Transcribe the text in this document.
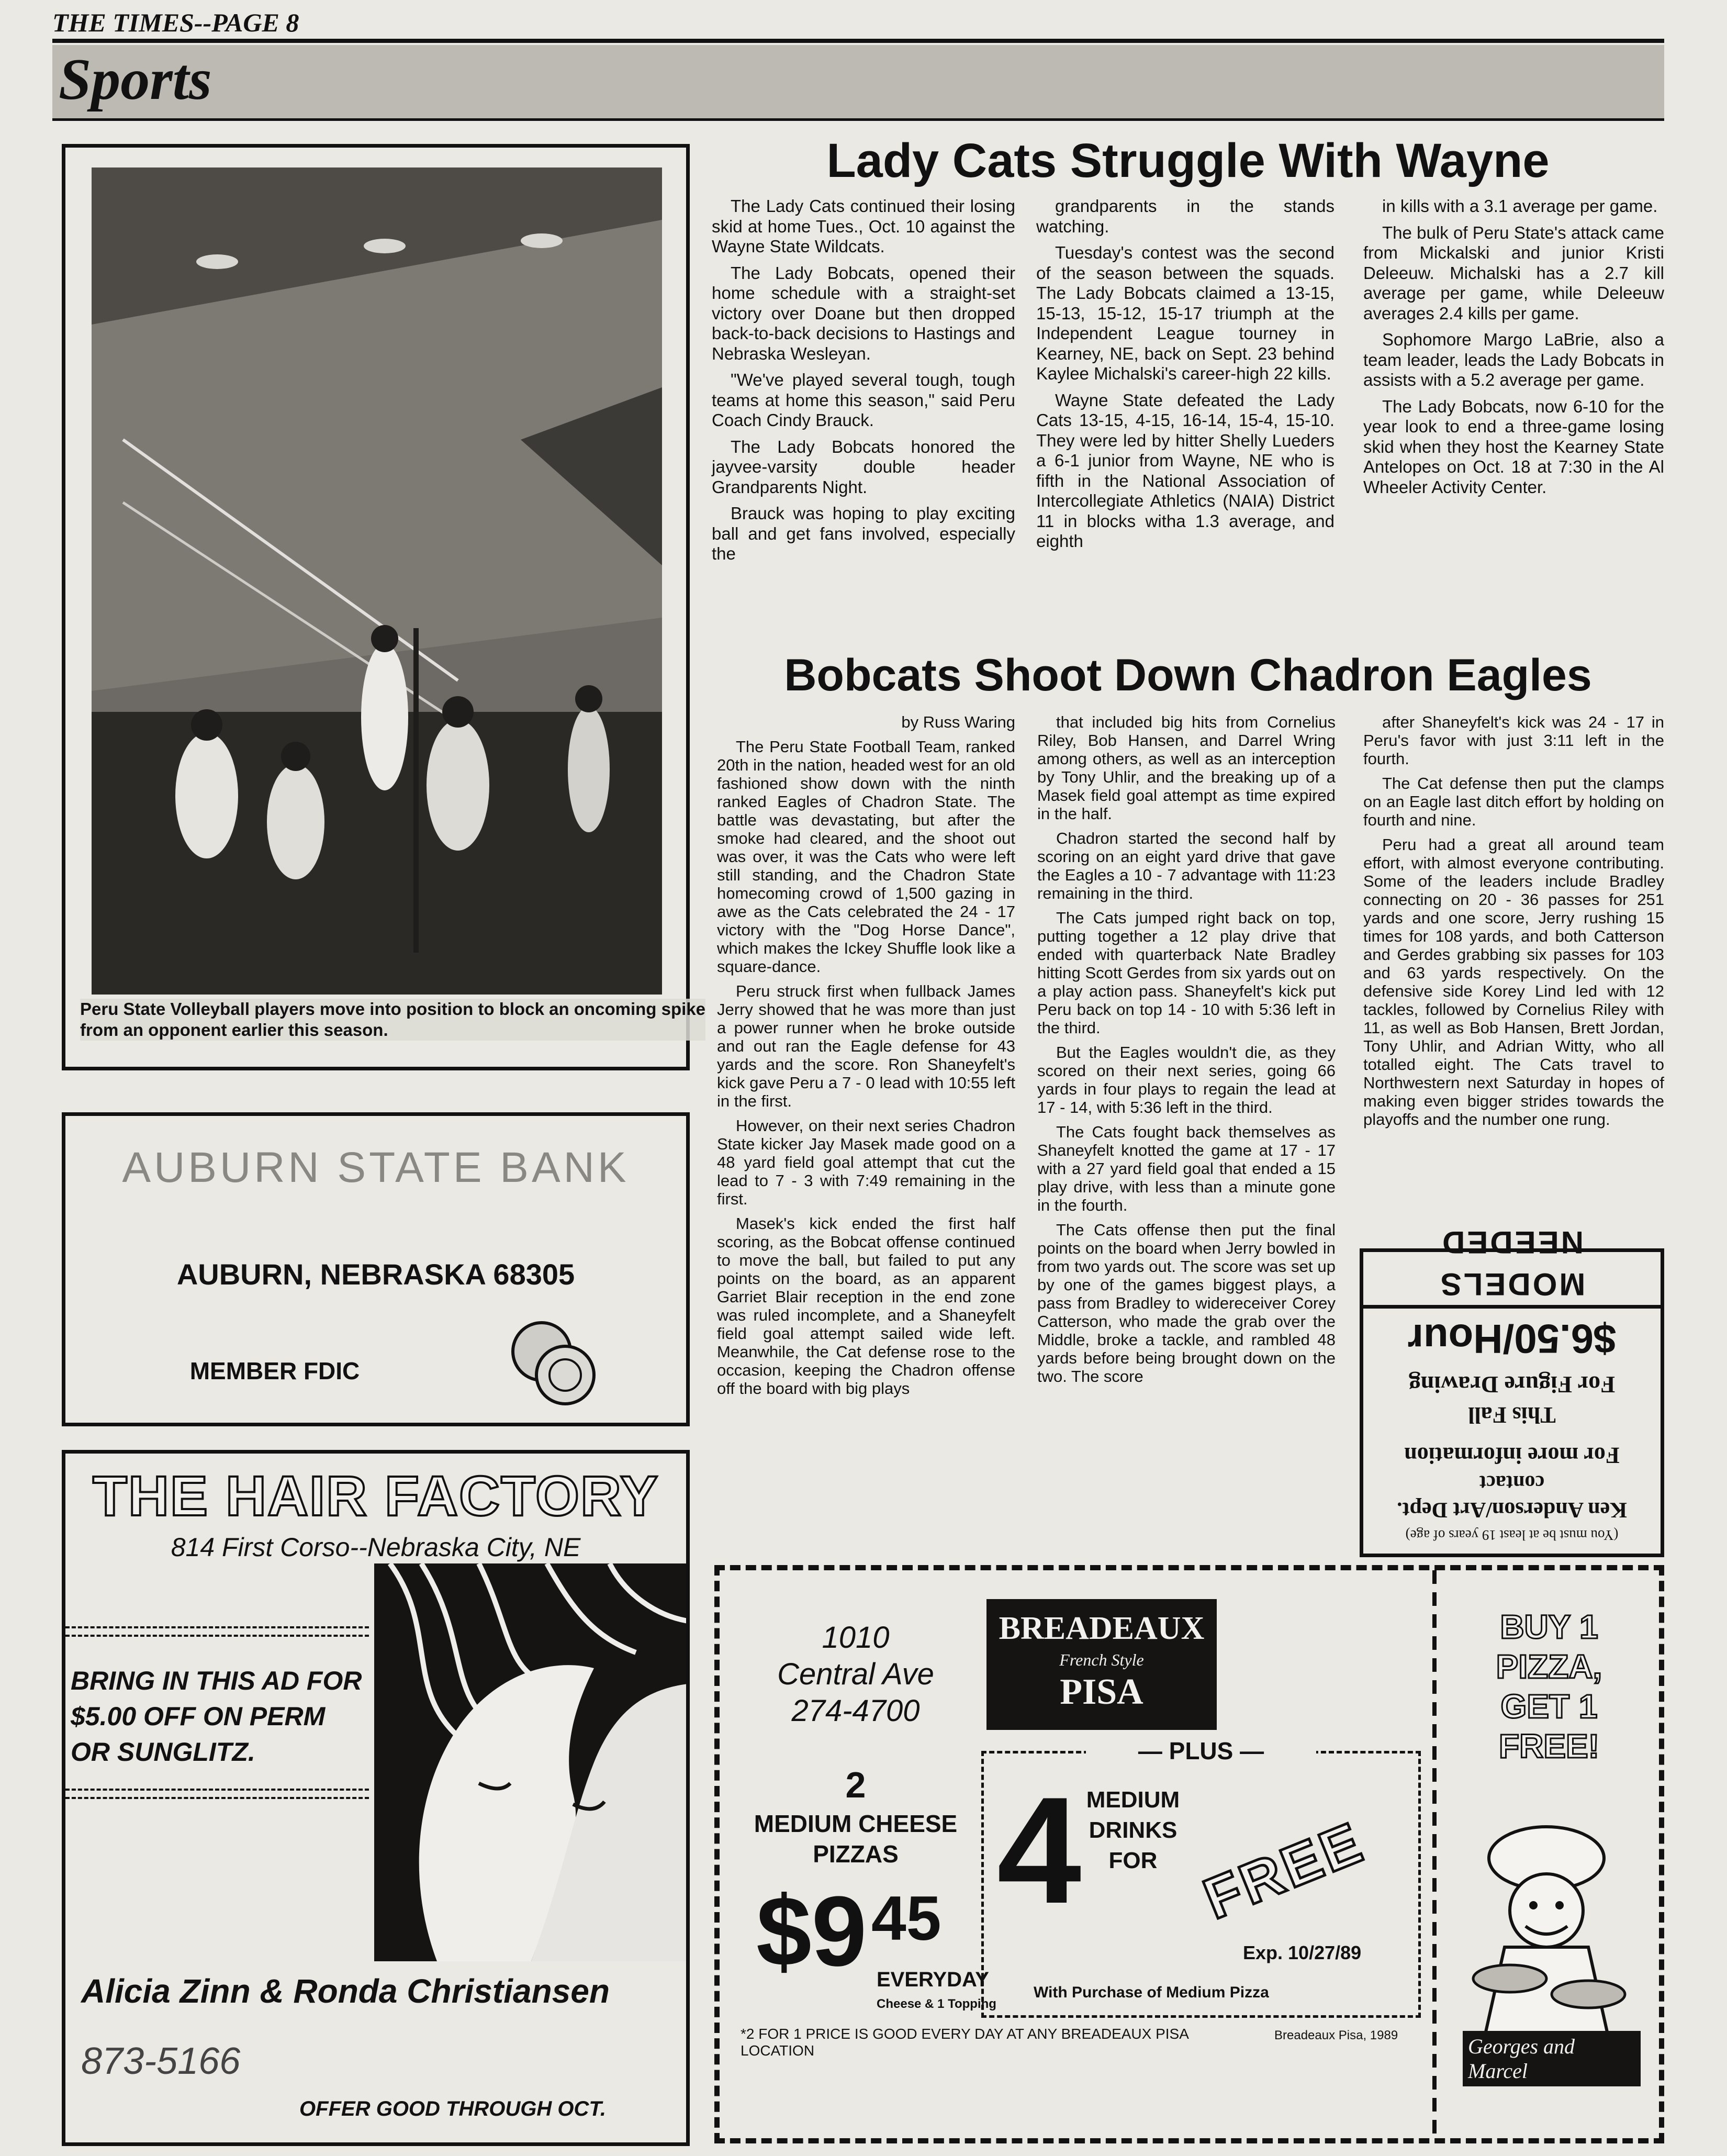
THE TIMES--PAGE 8
Sports
Peru State Volleyball players move into position to block an oncoming spike from an opponent earlier this season.
Lady Cats Struggle With Wayne

The Lady Cats continued their losing skid at home Tues., Oct. 10 against the Wayne State Wildcats.

The Lady Bobcats, opened their home schedule with a straight-set victory over Doane but then dropped back-to-back decisions to Hastings and Nebraska Wesleyan.

"We've played several tough, tough teams at home this season," said Peru Coach Cindy Brauck.

The Lady Bobcats honored the jayvee-varsity double header Grandparents Night.

Brauck was hoping to play exciting ball and get fans involved, especially the

grandparents in the stands watching.

Tuesday's contest was the second of the season between the squads. The Lady Bobcats claimed a 13-15, 15-13, 15-12, 15-17 triumph at the Independent League tourney in Kearney, NE, back on Sept. 23 behind Kaylee Michalski's career-high 22 kills.

Wayne State defeated the Lady Cats 13-15, 4-15, 16-14, 15-4, 15-10. They were led by hitter Shelly Lueders a 6-1 junior from Wayne, NE who is fifth in the National Association of Intercollegiate Athletics (NAIA) District 11 in blocks witha 1.3 average, and eighth

in kills with a 3.1 average per game.

The bulk of Peru State's attack came from Mickalski and junior Kristi Deleeuw. Michalski has a 2.7 kill average per game, while Deleeuw averages 2.4 kills per game.

Sophomore Margo LaBrie, also a team leader, leads the Lady Bobcats in assists with a 5.2 average per game.

The Lady Bobcats, now 6-10 for the year look to end a three-game losing skid when they host the Kearney State Antelopes on Oct. 18 at 7:30 in the Al Wheeler Activity Center.

Bobcats Shoot Down Chadron Eagles

by Russ Waring

The Peru State Football Team, ranked 20th in the nation, headed west for an old fashioned show down with the ninth ranked Eagles of Chadron State. The battle was devastating, but after the smoke had cleared, and the shoot out was over, it was the Cats who were left still standing, and the Chadron State homecoming crowd of 1,500 gazing in awe as the Cats celebrated the 24 - 17 victory with the "Dog Horse Dance", which makes the Ickey Shuffle look like a square-dance.

Peru struck first when fullback James Jerry showed that he was more than just a power runner when he broke outside and out ran the Eagle defense for 43 yards and the score. Ron Shaneyfelt's kick gave Peru a 7 - 0 lead with 10:55 left in the first.

However, on their next series Chadron State kicker Jay Masek made good on a 48 yard field goal attempt that cut the lead to 7 - 3 with 7:49 remaining in the first.

Masek's kick ended the first half scoring, as the Bobcat offense continued to move the ball, but failed to put any points on the board, as an apparent Garriet Blair reception in the end zone was ruled incomplete, and a Shaneyfelt field goal attempt sailed wide left. Meanwhile, the Cat defense rose to the occasion, keeping the Chadron offense off the board with big plays

that included big hits from Cornelius Riley, Bob Hansen, and Darrel Wring among others, as well as an interception by Tony Uhlir, and the breaking up of a Masek field goal attempt as time expired in the half.

Chadron started the second half by scoring on an eight yard drive that gave the Eagles a 10 - 7 advantage with 11:23 remaining in the third.

The Cats jumped right back on top, putting together a 12 play drive that ended with quarterback Nate Bradley hitting Scott Gerdes from six yards out on a play action pass. Shaneyfelt's kick put Peru back on top 14 - 10 with 5:36 left in the third.

But the Eagles wouldn't die, as they scored on their next series, going 66 yards in four plays to regain the lead at 17 - 14, with 5:36 left in the third.

The Cats fought back themselves as Shaneyfelt knotted the game at 17 - 17 with a 27 yard field goal that ended a 15 play drive, with less than a minute gone in the fourth.

The Cats offense then put the final points on the board when Jerry bowled in from two yards out. The score was set up by one of the games biggest plays, a pass from Bradley to widereceiver Corey Catterson, who made the grab over the Middle, broke a tackle, and rambled 48 yards before being brought down on the two. The score

after Shaneyfelt's kick was 24 - 17 in Peru's favor with just 3:11 left in the fourth.

The Cat defense then put the clamps on an Eagle last ditch effort by holding on fourth and nine.

Peru had a great all around team effort, with almost everyone contributing. Some of the leaders include Bradley connecting on 20 - 36 passes for 251 yards and one score, Jerry rushing 15 times for 108 yards, and both Catterson and Gerdes grabbing six passes for 103 and 63 yards respectively. On the defensive side Korey Lind led with 12 tackles, followed by Cornelius Riley with 11, as well as Bob Hansen, Brett Jordan, Tony Uhlir, and Adrian Witty, who all totalled eight. The Cats travel to Northwestern next Saturday in hopes of making even bigger strides towards the playoffs and the number one rung.

(You must be at least 19 years of age)
Ken Anderson/Art Dept.
contact
For more information
This Fall
For Figure Drawing
$6.50/Hour
MODELS NEEDED
AUBURN STATE BANK
AUBURN, NEBRASKA 68305
MEMBER FDIC
THE HAIR FACTORY
814 First Corso--Nebraska City, NE
BRING IN THIS AD FOR $5.00 OFF ON PERM OR SUNGLITZ.
Alicia Zinn & Ronda Christiansen
873-5166
OFFER GOOD THROUGH OCT.
1010
Central Ave
274-4700
BREADEAUX
French Style
PISA
2
MEDIUM CHEESE PIZZAS
$9 45
EVERYDAY
Cheese & 1 Topping
— PLUS —
4 MEDIUM DRINKS FOR FREE
Exp. 10/27/89
With Purchase of Medium Pizza
BUY 1 PIZZA, GET 1 FREE!
Georges and Marcel
*2 FOR 1 PRICE IS GOOD EVERY DAY AT ANY BREADEAUX PISA LOCATION
Breadeaux Pisa, 1989
